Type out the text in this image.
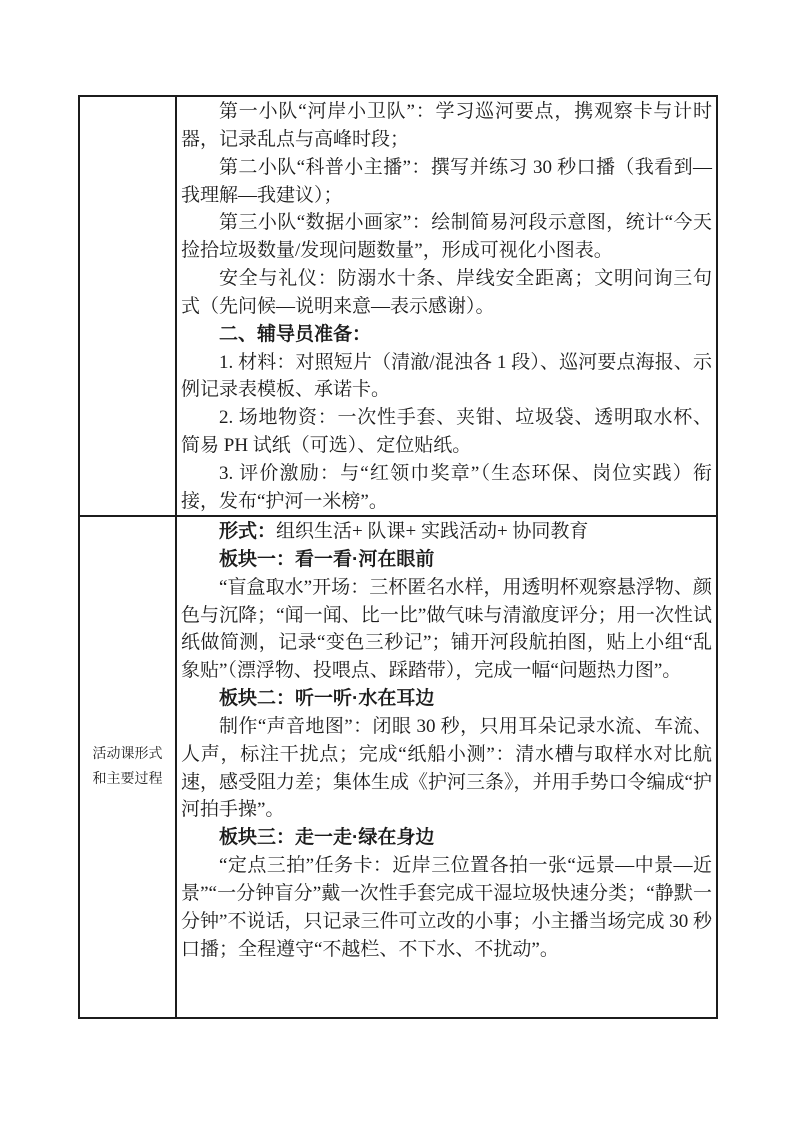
第一小队“河岸小卫队”：学习巡河要点，携观察卡与计时器，记录乱点与高峰时段；

第二小队“科普小主播”：撰写并练习 30 秒口播（我看到—我理解—我建议）；

第三小队“数据小画家”：绘制简易河段示意图，统计“今天捡拾垃圾数量/发现问题数量”，形成可视化小图表。

安全与礼仪：防溺水十条、岸线安全距离；文明问询三句式（先问候—说明来意—表示感谢）。

二、辅导员准备：

1. 材料：对照短片（清澈/混浊各 1 段）、巡河要点海报、示例记录表模板、承诺卡。

2. 场地物资：一次性手套、夹钳、垃圾袋、透明取水杯、简易 PH 试纸（可选）、定位贴纸。

3. 评价激励：与“红领巾奖章”（生态环保、岗位实践）衔接，发布“护河一米榜”。

活动课形式
和主要过程

形式：组织生活+ 队课+ 实践活动+ 协同教育

板块一：看一看·河在眼前

“盲盒取水”开场：三杯匿名水样，用透明杯观察悬浮物、颜色与沉降；“闻一闻、比一比”做气味与清澈度评分；用一次性试纸做简测，记录“变色三秒记”；铺开河段航拍图，贴上小组“乱象贴”（漂浮物、投喂点、踩踏带），完成一幅“问题热力图”。

板块二：听一听·水在耳边

制作“声音地图”：闭眼 30 秒，只用耳朵记录水流、车流、人声，标注干扰点；完成“纸船小测”：清水槽与取样水对比航速，感受阻力差；集体生成《护河三条》，并用手势口令编成“护河拍手操”。

板块三：走一走·绿在身边

“定点三拍”任务卡：近岸三位置各拍一张“远景—中景—近景”“一分钟盲分”戴一次性手套完成干湿垃圾快速分类；“静默一分钟”不说话，只记录三件可立改的小事；小主播当场完成 30 秒口播；全程遵守“不越栏、不下水、不扰动”。
